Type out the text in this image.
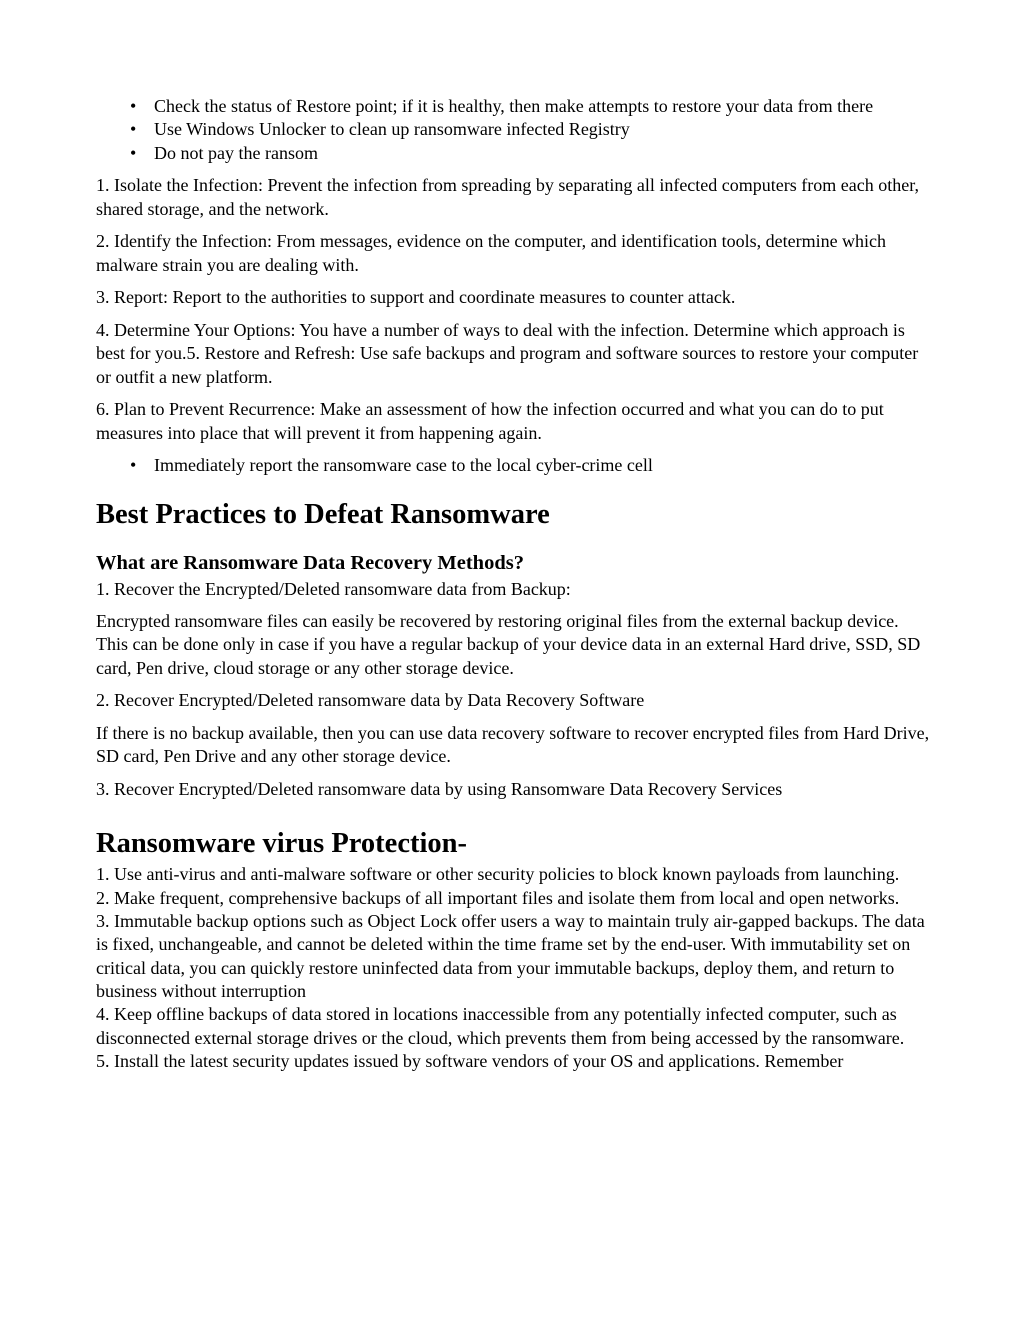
• Check the status of Restore point; if it is healthy, then make attempts to restore your data from there
• Use Windows Unlocker to clean up ransomware infected Registry
• Do not pay the ransom

1. Isolate the Infection: Prevent the infection from spreading by separating all infected computers from each other, shared storage, and the network.

2. Identify the Infection: From messages, evidence on the computer, and identification tools, determine which malware strain you are dealing with.

3. Report: Report to the authorities to support and coordinate measures to counter attack.

4. Determine Your Options: You have a number of ways to deal with the infection. Determine which approach is best for you.5. Restore and Refresh: Use safe backups and program and software sources to restore your computer or outfit a new platform.

6. Plan to Prevent Recurrence: Make an assessment of how the infection occurred and what you can do to put measures into place that will prevent it from happening again.

• Immediately report the ransomware case to the local cyber-crime cell
Best Practices to Defeat Ransomware
What are Ransomware Data Recovery Methods?

1. Recover the Encrypted/Deleted ransomware data from Backup:

Encrypted ransomware files can easily be recovered by restoring original files from the external backup device. This can be done only in case if you have a regular backup of your device data in an external Hard drive, SSD, SD card, Pen drive, cloud storage or any other storage device.

2. Recover Encrypted/Deleted ransomware data by Data Recovery Software

If there is no backup available, then you can use data recovery software to recover encrypted files from Hard Drive, SD card, Pen Drive and any other storage device.

3. Recover Encrypted/Deleted ransomware data by using Ransomware Data Recovery Services

Ransomware virus Protection-

1. Use anti-virus and anti-malware software or other security policies to block known payloads from launching.

2. Make frequent, comprehensive backups of all important files and isolate them from local and open networks.

3. Immutable backup options such as Object Lock offer users a way to maintain truly air-gapped backups. The data is fixed, unchangeable, and cannot be deleted within the time frame set by the end-user. With immutability set on critical data, you can quickly restore uninfected data from your immutable backups, deploy them, and return to business without interruption

4. Keep offline backups of data stored in locations inaccessible from any potentially infected computer, such as disconnected external storage drives or the cloud, which prevents them from being accessed by the ransomware.

5. Install the latest security updates issued by software vendors of your OS and applications. Remember
